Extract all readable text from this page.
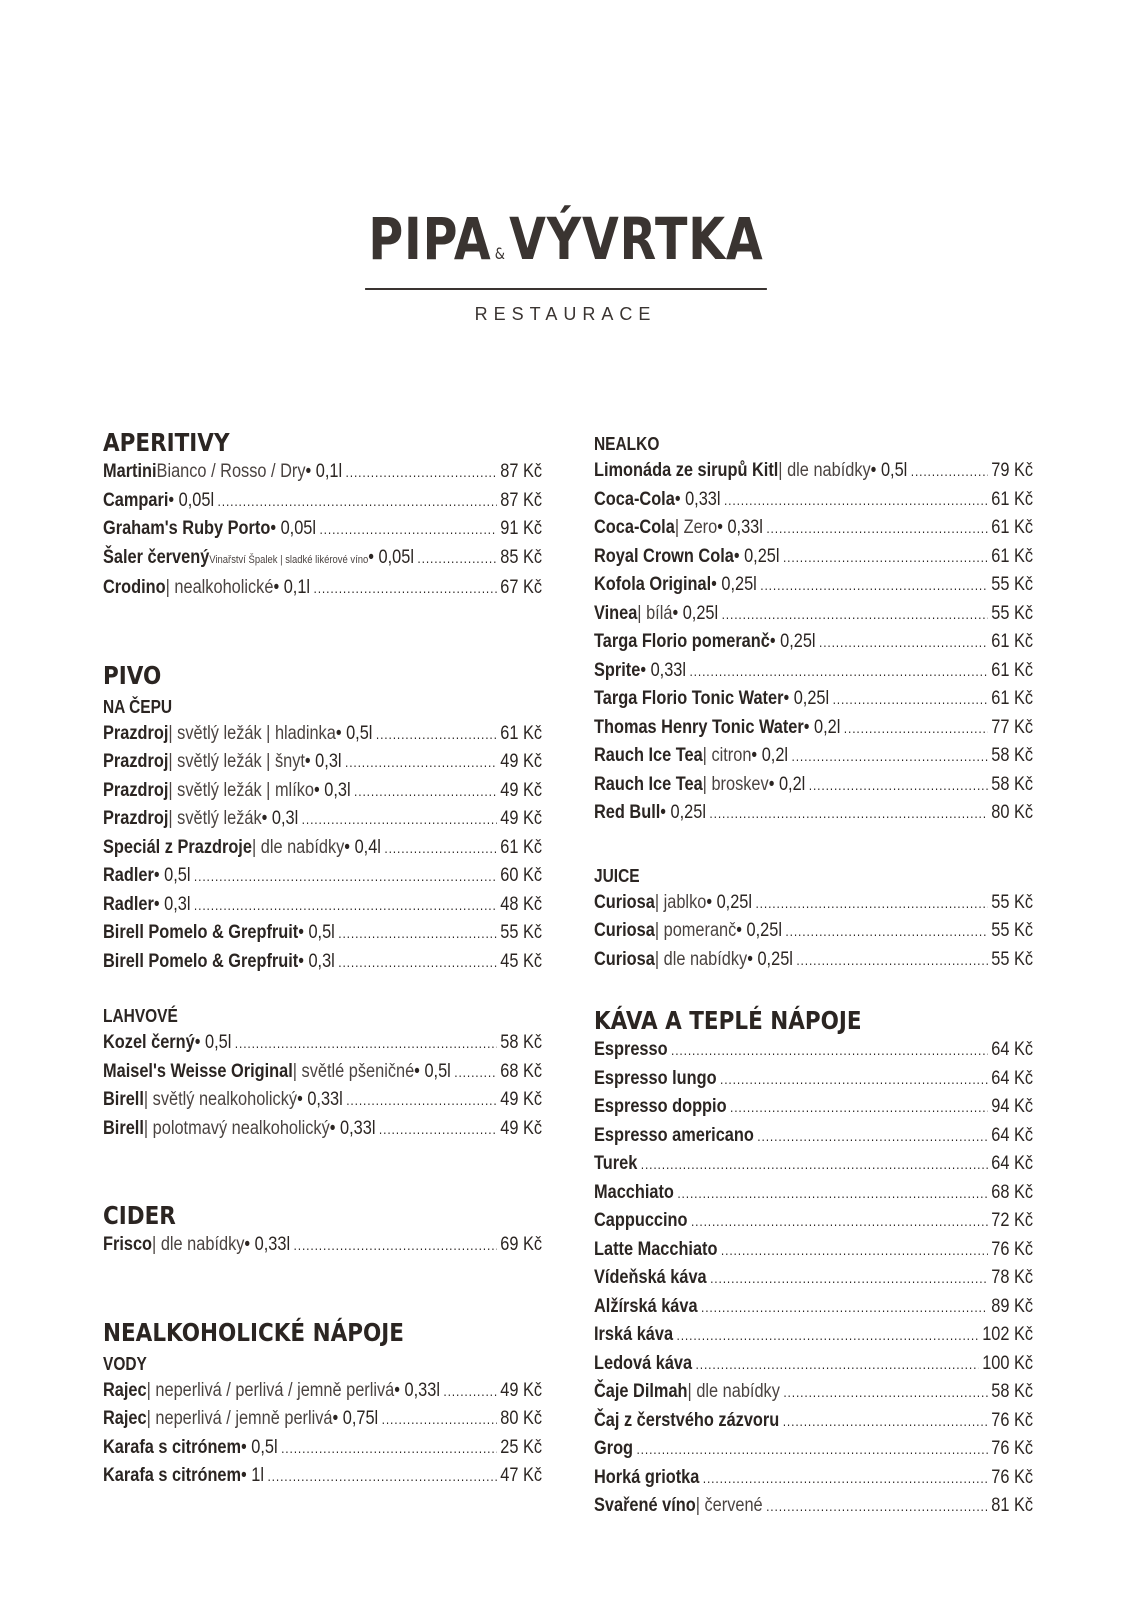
PIPA &VÝVRTKA
RESTAURACE
APERITIVY
Martini Bianco / Rosso / Dry • 0,1l .....	87 Kč
Campari • 0,05l .....	87 Kč
Graham's Ruby Porto • 0,05l .....	91 Kč
Šaler červený Vinařství Špalek | sladké likérové víno • 0,05l .....	85 Kč
Crodino | nealkoholické • 0,1l .....	67 Kč
PIVO
NA ČEPU
Prazdroj | světlý ležák | hladinka • 0,5l .....	61 Kč
Prazdroj | světlý ležák | šnyt • 0,3l .....	49 Kč
Prazdroj | světlý ležák | mlíko • 0,3l .....	49 Kč
Prazdroj | světlý ležák • 0,3l .....	49 Kč
Speciál z Prazdroje | dle nabídky • 0,4l .....	61 Kč
Radler • 0,5l .....	60 Kč
Radler • 0,3l .....	48 Kč
Birell Pomelo & Grepfruit • 0,5l .....	55 Kč
Birell Pomelo & Grepfruit • 0,3l .....	45 Kč
LAHVOVÉ
Kozel černý • 0,5l .....	58 Kč
Maisel's Weisse Original | světlé pšeničné • 0,5l .....	68 Kč
Birell | světlý nealkoholický • 0,33l .....	49 Kč
Birell | polotmavý nealkoholický • 0,33l .....	49 Kč
CIDER
Frisco | dle nabídky • 0,33l .....	69 Kč
NEALKOHOLICKÉ NÁPOJE
VODY
Rajec | neperlivá / perlivá / jemně perlivá • 0,33l .....	49 Kč
Rajec | neperlivá / jemně perlivá • 0,75l .....	80 Kč
Karafa s citrónem • 0,5l .....	25 Kč
Karafa s citrónem • 1l .....	47 Kč
NEALKO
Limonáda ze sirupů Kitl | dle nabídky • 0,5l .....	79 Kč
Coca-Cola • 0,33l .....	61 Kč
Coca-Cola | Zero • 0,33l .....	61 Kč
Royal Crown Cola • 0,25l .....	61 Kč
Kofola Original • 0,25l .....	55 Kč
Vinea | bílá • 0,25l .....	55 Kč
Targa Florio pomeranč • 0,25l .....	61 Kč
Sprite • 0,33l .....	61 Kč
Targa Florio Tonic Water • 0,25l .....	61 Kč
Thomas Henry Tonic Water • 0,2l .....	77 Kč
Rauch Ice Tea | citron • 0,2l .....	58 Kč
Rauch Ice Tea | broskev • 0,2l .....	58 Kč
Red Bull • 0,25l .....	80 Kč
JUICE
Curiosa | jablko • 0,25l .....	55 Kč
Curiosa | pomeranč • 0,25l .....	55 Kč
Curiosa | dle nabídky • 0,25l .....	55 Kč
KÁVA A TEPLÉ NÁPOJE
Espresso .....	64 Kč
Espresso lungo .....	64 Kč
Espresso doppio .....	94 Kč
Espresso americano .....	64 Kč
Turek .....	64 Kč
Macchiato .....	68 Kč
Cappuccino .....	72 Kč
Latte Macchiato .....	76 Kč
Vídeňská káva .....	78 Kč
Alžírská káva .....	89 Kč
Irská káva .....	102 Kč
Ledová káva .....	100 Kč
Čaje Dilmah | dle nabídky .....	58 Kč
Čaj z čerstvého zázvoru .....	76 Kč
Grog .....	76 Kč
Horká griotka .....	76 Kč
Svařené víno | červené .....	81 Kč
